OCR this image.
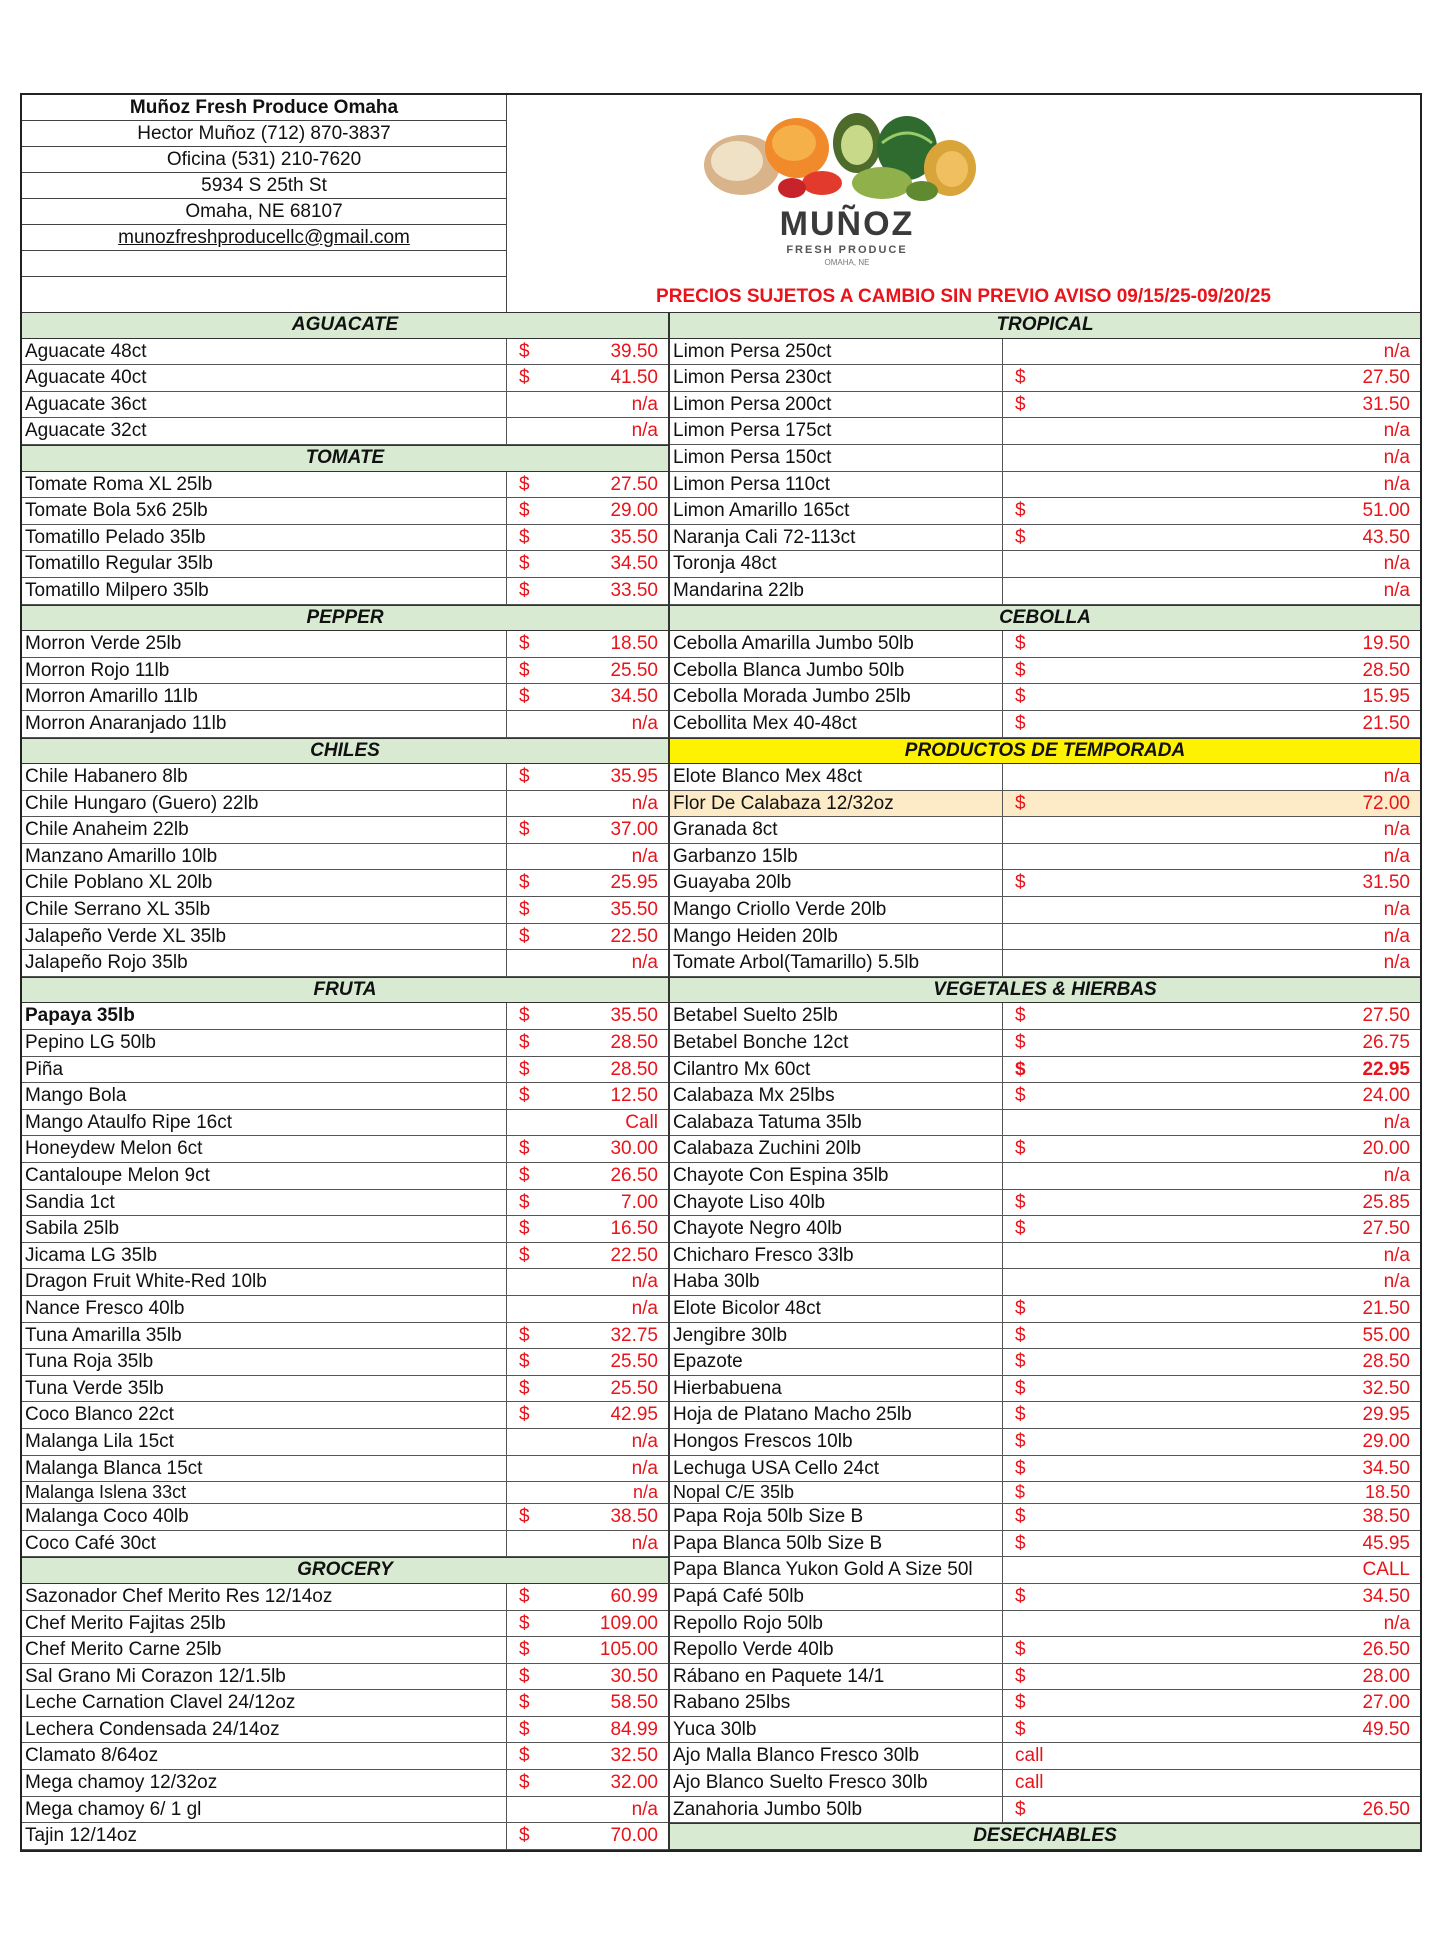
Muñoz Fresh Produce Omaha
Hector Muñoz (712) 870-3837
Oficina (531) 210-7620
5934 S 25th St
Omaha, NE 68107
munozfreshproducellc@gmail.com	MUÑOZ
FRESH PRODUCE
OMAHA, NE
PRECIOS SUJETOS A CAMBIO SIN PREVIO AVISO 09/15/25-09/20/25
AGUACATE
Aguacate 48ct	$	39.50
Aguacate 40ct	$	41.50
Aguacate 36ct	n/a
Aguacate 32ct	n/a
TOMATE
Tomate Roma XL 25lb	$	27.50
Tomate Bola 5x6 25lb	$	29.00
Tomatillo Pelado 35lb	$	35.50
Tomatillo Regular 35lb	$	34.50
Tomatillo Milpero 35lb	$	33.50
PEPPER
Morron Verde 25lb	$	18.50
Morron Rojo 11lb	$	25.50
Morron Amarillo 11lb	$	34.50
Morron Anaranjado 11lb	n/a
CHILES
Chile Habanero 8lb	$	35.95
Chile Hungaro (Guero) 22lb	n/a
Chile Anaheim 22lb	$	37.00
Manzano Amarillo 10lb	n/a
Chile Poblano XL 20lb	$	25.95
Chile Serrano XL 35lb	$	35.50
Jalapeño Verde XL 35lb	$	22.50
Jalapeño Rojo 35lb	n/a
FRUTA
Papaya 35lb	$	35.50
Pepino LG 50lb	$	28.50
Piña	$	28.50
Mango Bola	$	12.50
Mango Ataulfo Ripe 16ct	Call
Honeydew Melon 6ct	$	30.00
Cantaloupe Melon 9ct	$	26.50
Sandia 1ct	$	7.00
Sabila 25lb	$	16.50
Jicama LG 35lb	$	22.50
Dragon Fruit White-Red 10lb	n/a
Nance Fresco 40lb	n/a
Tuna Amarilla 35lb	$	32.75
Tuna Roja 35lb	$	25.50
Tuna Verde 35lb	$	25.50
Coco Blanco 22ct	$	42.95
Malanga Lila 15ct	n/a
Malanga Blanca 15ct	n/a
Malanga Islena 33ct	n/a
Malanga Coco 40lb	$	38.50
Coco Café 30ct	n/a
GROCERY
Sazonador Chef Merito Res 12/14oz	$	60.99
Chef Merito Fajitas 25lb	$	109.00
Chef Merito Carne 25lb	$	105.00
Sal Grano Mi Corazon 12/1.5lb	$	30.50
Leche Carnation Clavel 24/12oz	$	58.50
Lechera Condensada 24/14oz	$	84.99
Clamato 8/64oz	$	32.50
Mega chamoy 12/32oz	$	32.00
Mega chamoy 6/ 1 gl	n/a
Tajin 12/14oz	$	70.00
TROPICAL
Limon Persa 250ct	n/a
Limon Persa 230ct	$	27.50
Limon Persa 200ct	$	31.50
Limon Persa 175ct	n/a
Limon Persa 150ct	n/a
Limon Persa 110ct	n/a
Limon Amarillo 165ct	$	51.00
Naranja Cali 72-113ct	$	43.50
Toronja 48ct	n/a
Mandarina 22lb	n/a
CEBOLLA
Cebolla Amarilla Jumbo 50lb	$	19.50
Cebolla Blanca Jumbo 50lb	$	28.50
Cebolla Morada Jumbo 25lb	$	15.95
Cebollita Mex 40-48ct	$	21.50
PRODUCTOS DE TEMPORADA
Elote Blanco Mex 48ct	n/a
Flor De Calabaza 12/32oz	$	72.00
Granada 8ct	n/a
Garbanzo 15lb	n/a
Guayaba 20lb	$	31.50
Mango Criollo Verde 20lb	n/a
Mango Heiden 20lb	n/a
Tomate Arbol(Tamarillo) 5.5lb	n/a
VEGETALES & HIERBAS
Betabel Suelto 25lb	$	27.50
Betabel Bonche 12ct	$	26.75
Cilantro Mx 60ct	$	22.95
Calabaza Mx 25lbs	$	24.00
Calabaza Tatuma 35lb	n/a
Calabaza Zuchini 20lb	$	20.00
Chayote Con Espina 35lb	n/a
Chayote Liso 40lb	$	25.85
Chayote Negro 40lb	$	27.50
Chicharo Fresco 33lb	n/a
Haba 30lb	n/a
Elote Bicolor 48ct	$	21.50
Jengibre 30lb	$	55.00
Epazote	$	28.50
Hierbabuena	$	32.50
Hoja de Platano Macho 25lb	$	29.95
Hongos Frescos 10lb	$	29.00
Lechuga USA Cello 24ct	$	34.50
Nopal C/E 35lb	$	18.50
Papa Roja 50lb Size B	$	38.50
Papa Blanca 50lb Size B	$	45.95
Papa Blanca Yukon Gold A Size 50l	CALL
Papá Café 50lb	$	34.50
Repollo Rojo 50lb	n/a
Repollo Verde 40lb	$	26.50
Rábano en Paquete 14/1	$	28.00
Rabano 25lbs	$	27.00
Yuca 30lb	$	49.50
Ajo Malla Blanco Fresco 30lb	call
Ajo Blanco Suelto Fresco 30lb	call
Zanahoria Jumbo 50lb	$	26.50
DESECHABLES
